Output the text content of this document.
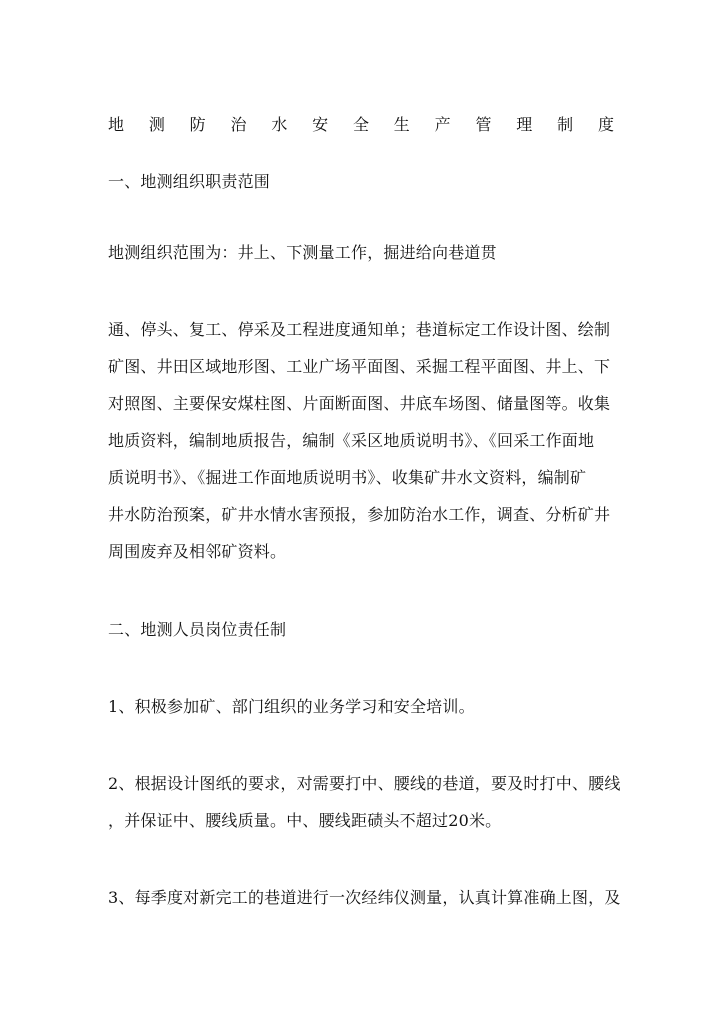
地 测 防 治 水 安 全 生 产 管 理 制 度
一、地测组织职责范围
地测组织范围为：井上、下测量工作，掘进给向巷道贯
通、停头、复工、停采及工程进度通知单；巷道标定工作设计图、绘制
矿图、井田区域地形图、工业广场平面图、采掘工程平面图、井上、下
对照图、主要保安煤柱图、片面断面图、井底车场图、储量图等。收集
地质资料，编制地质报告，编制《采区地质说明书》、《回采工作面地
质说明书》、《掘进工作面地质说明书》、收集矿井水文资料，编制矿
井水防治预案，矿井水情水害预报，参加防治水工作，调查、分析矿井
周围废弃及相邻矿资料。
二、地测人员岗位责任制
1、积极参加矿、部门组织的业务学习和安全培训。
2、根据设计图纸的要求，对需要打中、腰线的巷道，要及时打中、腰线
，并保证中、腰线质量。中、腰线距碛头不超过20米。
3、每季度对新完工的巷道进行一次经纬仪测量，认真计算准确上图，及
